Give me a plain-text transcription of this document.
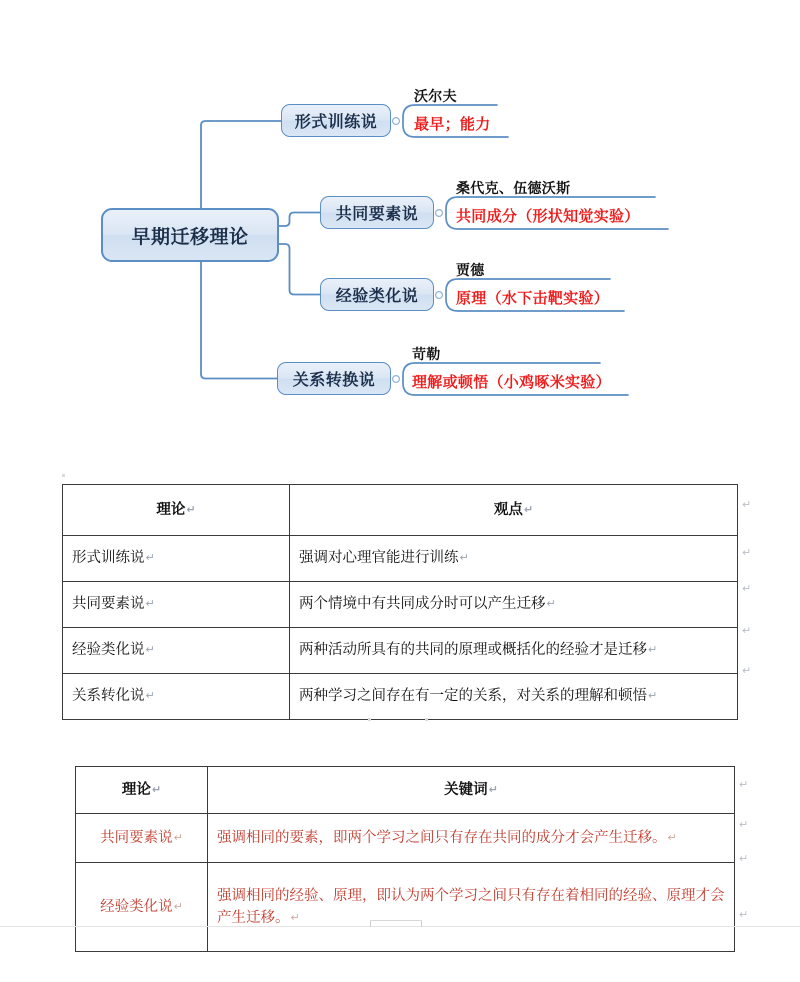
早期迁移理论
形式训练说
共同要素说
经验类化说
关系转换说
沃尔夫
最早；能力
桑代克、伍德沃斯
共同成分（形状知觉实验）
贾德
原理（水下击靶实验）
苛勒
理解或顿悟（小鸡啄米实验）
理论↵	观点↵
形式训练说↵	强调对心理官能进行训练↵
共同要素说↵	两个情境中有共同成分时可以产生迁移↵
经验类化说↵	两种活动所具有的共同的原理或概括化的经验才是迁移↵
关系转化说↵	两种学习之间存在有一定的关系，对关系的理解和顿悟↵
↵
↵
↵
↵
↵
理论↵	关键词↵
共同要素说↵	强调相同的要素，即两个学习之间只有存在共同的成分才会产生迁移。↵
经验类化说↵	强调相同的经验、原理，即认为两个学习之间只有存在着相同的经验、原理才会产生迁移。↵
↵
↵
↵
↵
